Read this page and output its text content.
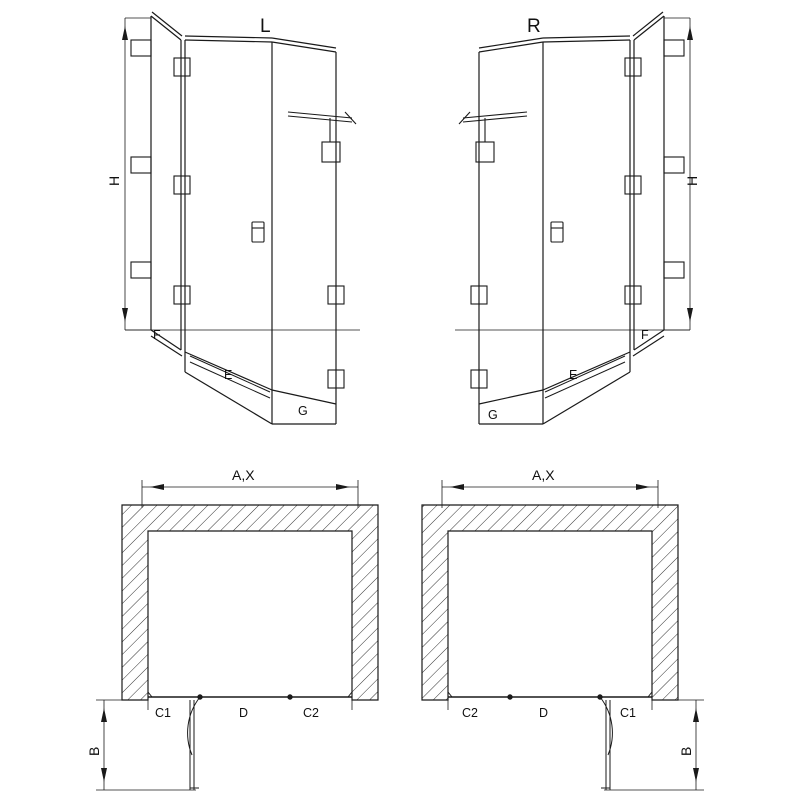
L	R
H	H
F
E
G	G
E
F
A,X	A,X
C1	D	C2	C2	D	C1
B	B
